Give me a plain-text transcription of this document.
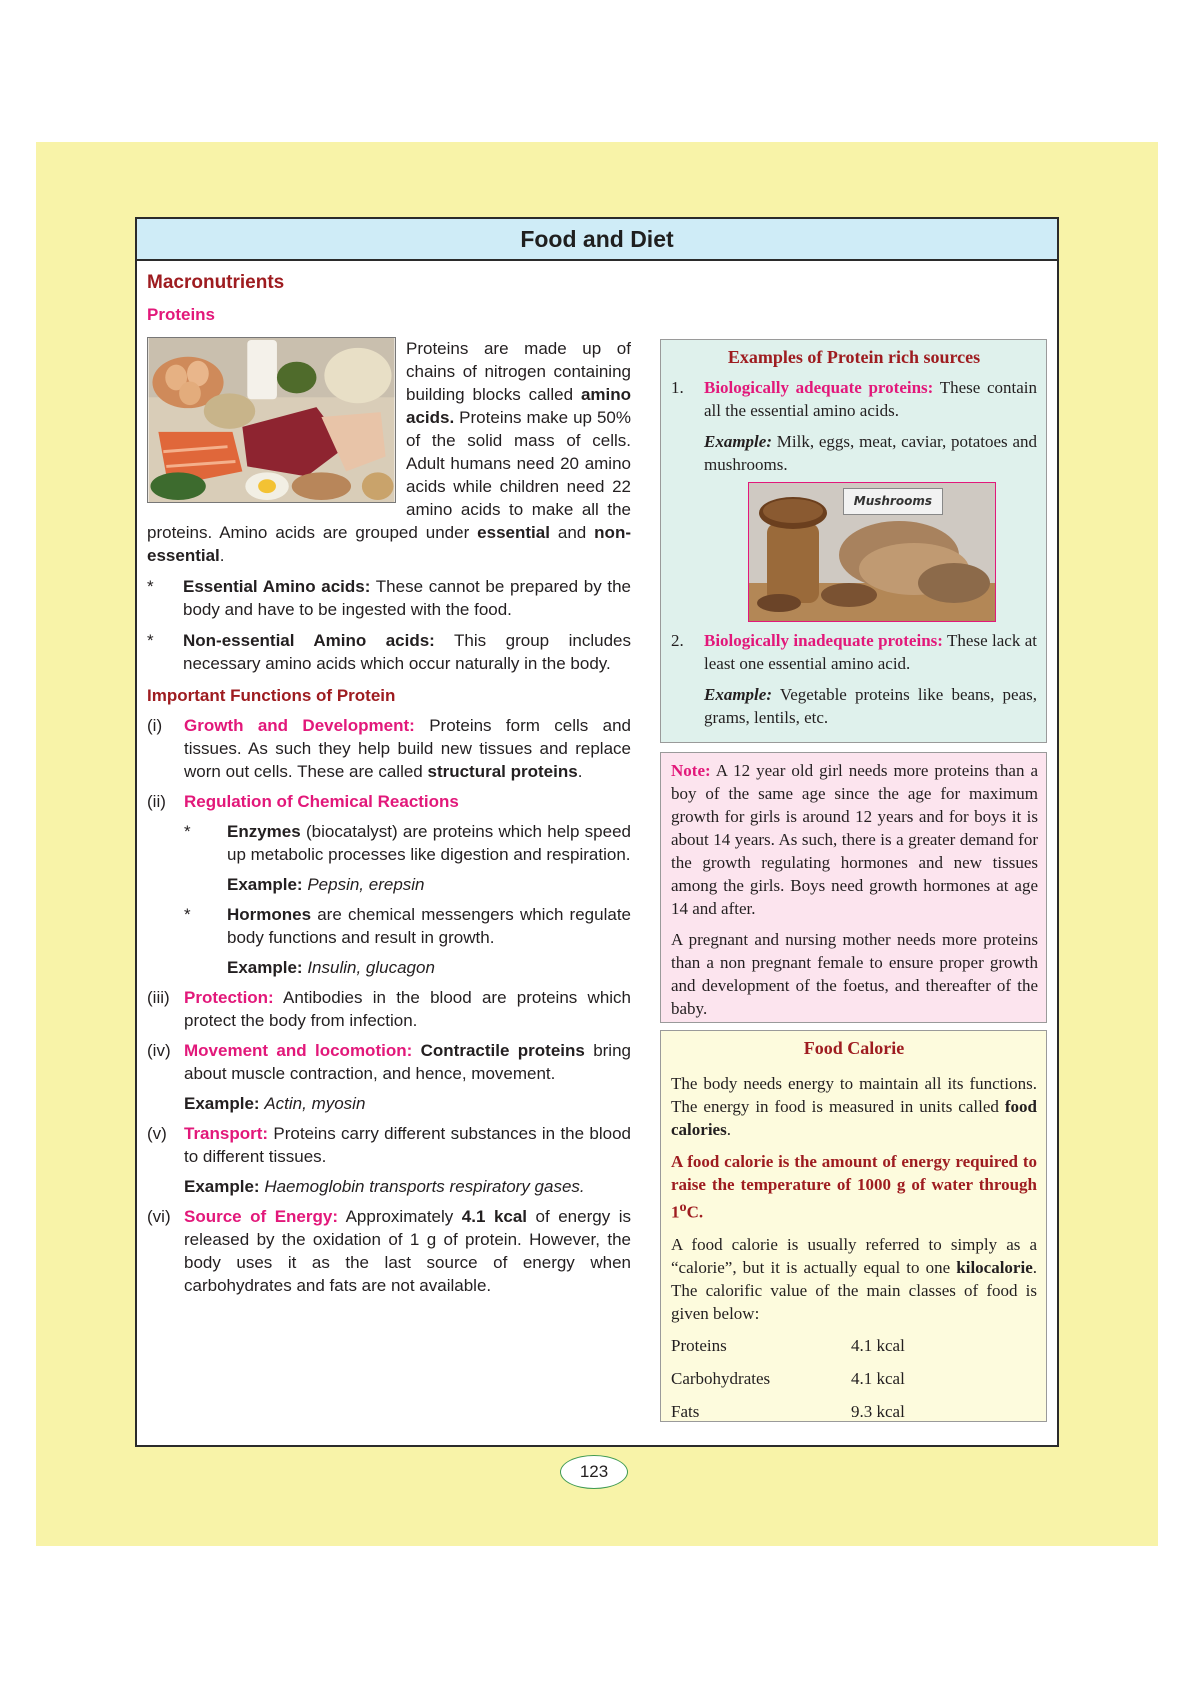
Food and Diet
Macronutrients
Proteins

Proteins are made up of chains of nitrogen containing building blocks called amino acids. Proteins make up 50% of the solid mass of cells. Adult humans need 20 amino acids while children need 22 amino acids to make all the proteins. Amino acids are grouped under essential and non-essential.

*	Essential Amino acids: These cannot be prepared by the body and have to be ingested with the food.
*	Non-essential Amino acids: This group includes necessary amino acids which occur naturally in the body.
Important Functions of Protein
(i)	Growth and Development: Proteins form cells and tissues. As such they help build new tissues and replace worn out cells. These are called structural proteins.
(ii)	Regulation of Chemical Reactions
*	Enzymes (biocatalyst) are proteins which help speed up metabolic processes like digestion and respiration.
Example: Pepsin, erepsin
*	Hormones are chemical messengers which regulate body functions and result in growth.
Example: Insulin, glucagon
(iii) Protection: Antibodies in the blood are proteins which protect the body from infection.
(iv) Movement and locomotion: Contractile proteins bring about muscle contraction, and hence, movement.
Example: Actin, myosin
(v)	Transport: Proteins carry different substances in the blood to different tissues.
Example: Haemoglobin transports respiratory gases.
(vi) Source of Energy: Approximately 4.1 kcal of energy is released by the oxidation of 1 g of protein. However, the body uses it as the last source of energy when carbohydrates and fats are not available.
Examples of Protein rich sources
1.	Biologically adequate proteins: These contain all the essential amino acids.
Example: Milk, eggs, meat, caviar, potatoes and mushrooms.
Mushrooms
2.	Biologically inadequate proteins: These lack at least one essential amino acid.
Example: Vegetable proteins like beans, peas, grams, lentils, etc.
Note: A 12 year old girl needs more proteins than a boy of the same age since the age for maximum growth for girls is around 12 years and for boys it is about 14 years. As such, there is a greater demand for the growth regulating hormones and new tissues among the girls. Boys need growth hormones at age 14 and after.
A pregnant and nursing mother needs more proteins than a non pregnant female to ensure proper growth and development of the foetus, and thereafter of the baby.
Food Calorie

The body needs energy to maintain all its functions. The energy in food is measured in units called food calories.

A food calorie is the amount of energy required to raise the temperature of 1000 g of water through 1$^o$C.

A food calorie is usually referred to simply as a “calorie”, but it is actually equal to one kilocalorie. The calorific value of the main classes of food is given below:

Proteins	4.1 kcal
Carbohydrates	4.1 kcal
Fats	9.3 kcal
123
